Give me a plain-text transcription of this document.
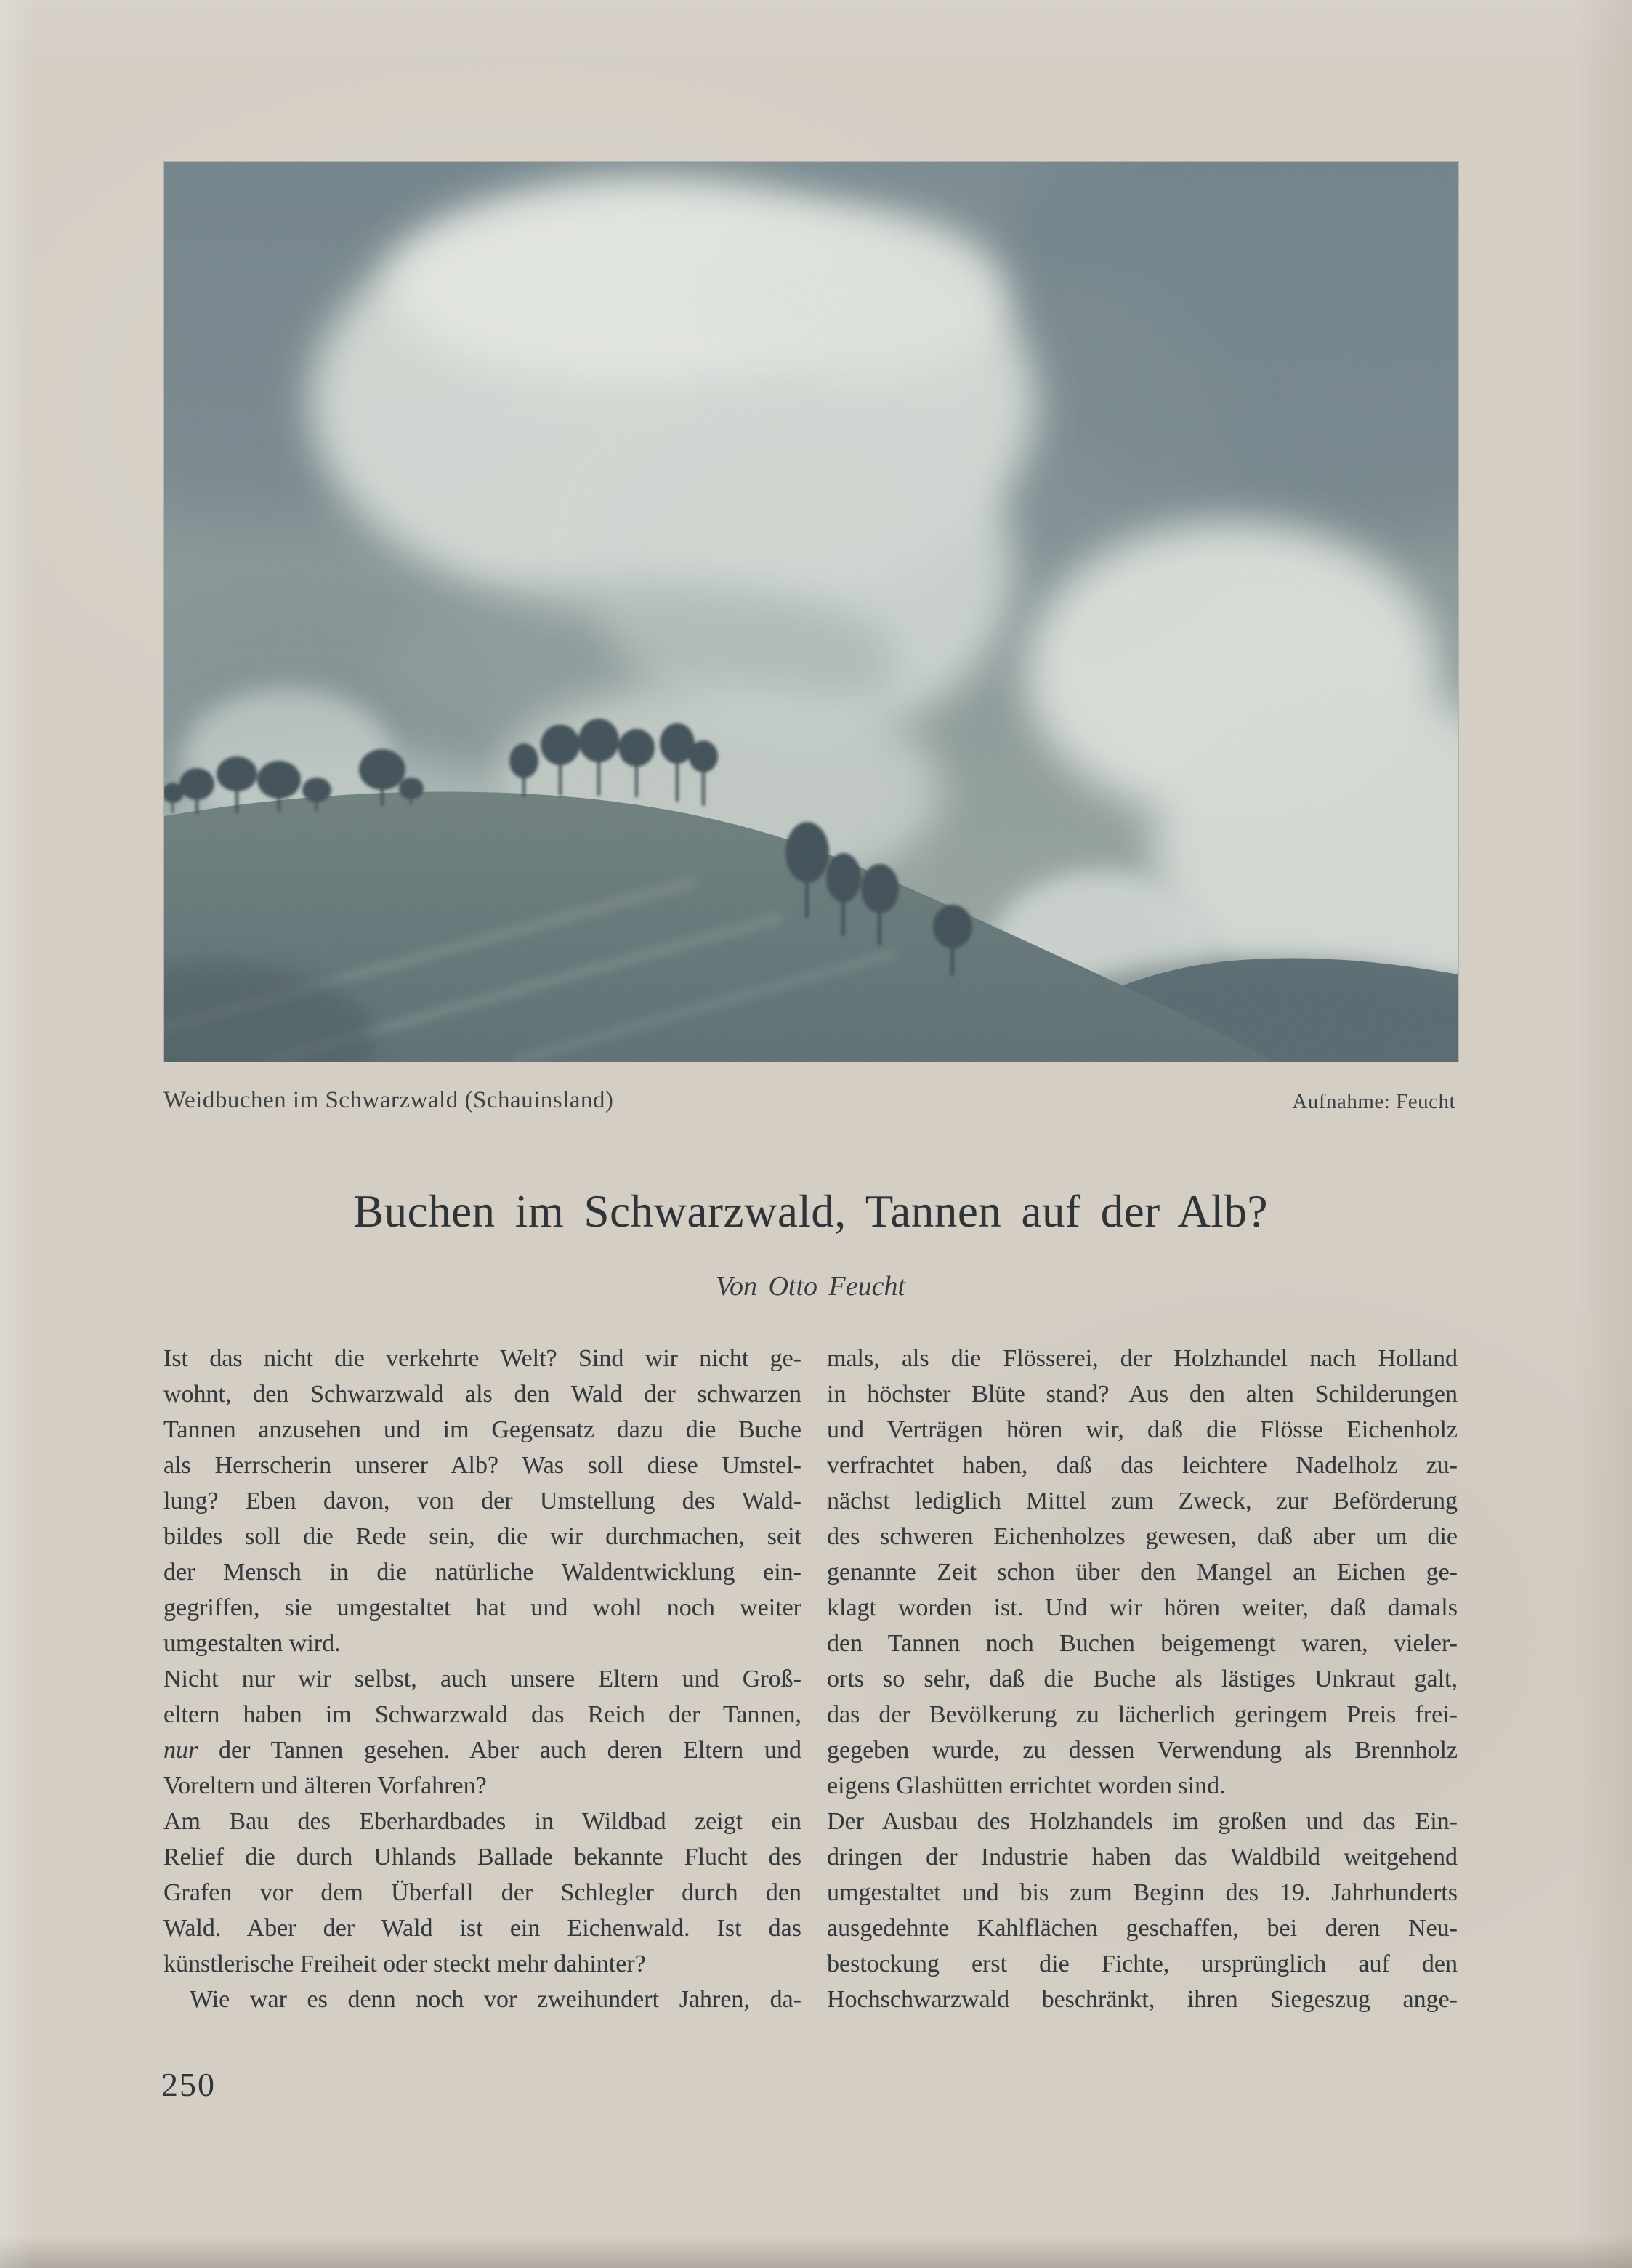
Weidbuchen im Schwarzwald (Schauinsland)	Aufnahme: Feucht
Buchen im Schwarzwald, Tannen auf der Alb?

Von Otto Feucht

Ist das nicht die verkehrte Welt? Sind wir nicht ge-
wohnt, den Schwarzwald als den Wald der schwarzen
Tannen anzusehen und im Gegensatz dazu die Buche
als Herrscherin unserer Alb? Was soll diese Umstel-
lung? Eben davon, von der Umstellung des Wald-
bildes soll die Rede sein, die wir durchmachen, seit
der Mensch in die natürliche Waldentwicklung ein-
gegriffen, sie umgestaltet hat und wohl noch weiter
umgestalten wird.
Nicht nur wir selbst, auch unsere Eltern und Groß-
eltern haben im Schwarzwald das Reich der Tannen,
nur der Tannen gesehen. Aber auch deren Eltern und
Voreltern und älteren Vorfahren?
Am Bau des Eberhardbades in Wildbad zeigt ein
Relief die durch Uhlands Ballade bekannte Flucht des
Grafen vor dem Überfall der Schlegler durch den
Wald. Aber der Wald ist ein Eichenwald. Ist das
künstlerische Freiheit oder steckt mehr dahinter?
Wie war es denn noch vor zweihundert Jahren, da-
mals, als die Flösserei, der Holzhandel nach Holland
in höchster Blüte stand? Aus den alten Schilderungen
und Verträgen hören wir, daß die Flösse Eichenholz
verfrachtet haben, daß das leichtere Nadelholz zu-
nächst lediglich Mittel zum Zweck, zur Beförderung
des schweren Eichenholzes gewesen, daß aber um die
genannte Zeit schon über den Mangel an Eichen ge-
klagt worden ist. Und wir hören weiter, daß damals
den Tannen noch Buchen beigemengt waren, vieler-
orts so sehr, daß die Buche als lästiges Unkraut galt,
das der Bevölkerung zu lächerlich geringem Preis frei-
gegeben wurde, zu dessen Verwendung als Brennholz
eigens Glashütten errichtet worden sind.
Der Ausbau des Holzhandels im großen und das Ein-
dringen der Industrie haben das Waldbild weitgehend
umgestaltet und bis zum Beginn des 19. Jahrhunderts
ausgedehnte Kahlflächen geschaffen, bei deren Neu-
bestockung erst die Fichte, ursprünglich auf den
Hochschwarzwald beschränkt, ihren Siegeszug ange-
250
